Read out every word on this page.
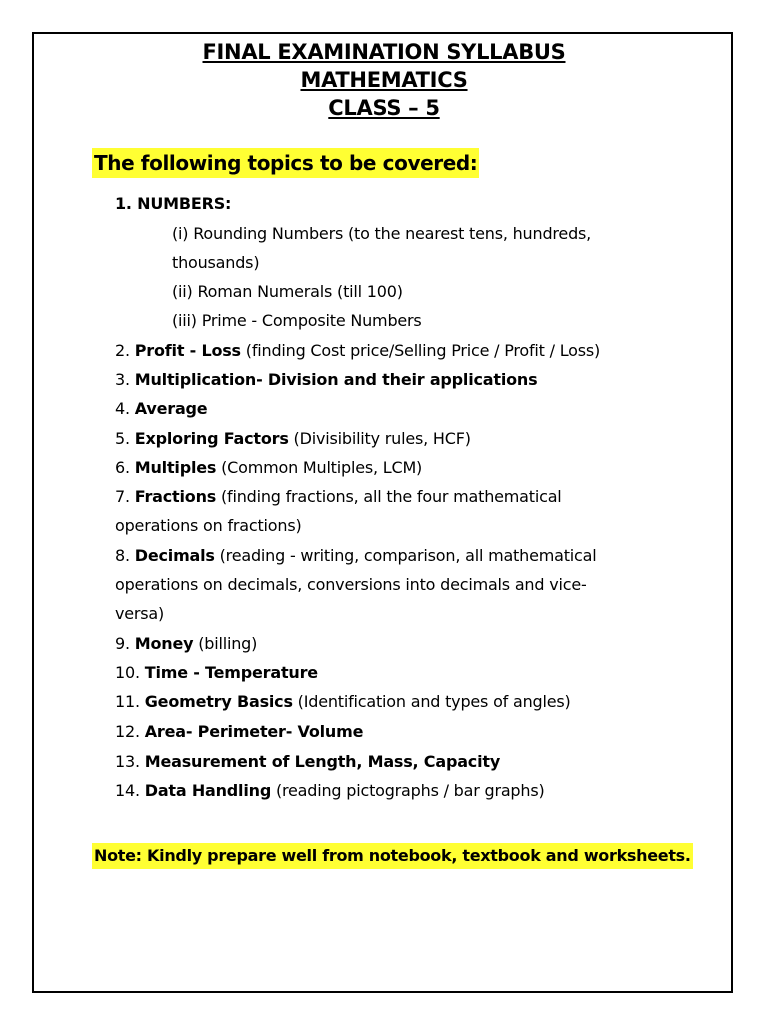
FINAL EXAMINATION SYLLABUS
MATHEMATICS
CLASS – 5
The following topics to be covered:
1. NUMBERS:
(i) Rounding Numbers (to the nearest tens, hundreds,
thousands)
(ii) Roman Numerals (till 100)
(iii) Prime - Composite Numbers
2. Profit - Loss (finding Cost price/Selling Price / Profit / Loss)
3. Multiplication- Division and their applications
4. Average
5. Exploring Factors (Divisibility rules, HCF)
6. Multiples (Common Multiples, LCM)
7. Fractions (finding fractions, all the four mathematical
operations on fractions)
8. Decimals (reading - writing, comparison, all mathematical
operations on decimals, conversions into decimals and vice-
versa)
9. Money (billing)
10. Time - Temperature
11. Geometry Basics (Identification and types of angles)
12. Area- Perimeter- Volume
13. Measurement of Length, Mass, Capacity
14. Data Handling (reading pictographs / bar graphs)
Note: Kindly prepare well from notebook, textbook and worksheets.
